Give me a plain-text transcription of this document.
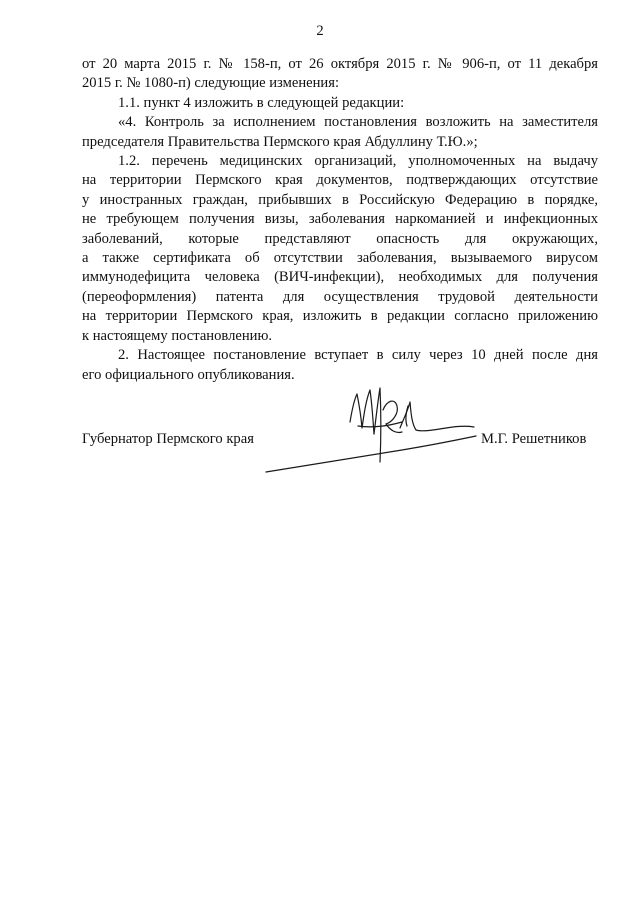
2
от 20 марта 2015 г. № 158-п, от 26 октября 2015 г. № 906-п, от 11 декабря
2015 г. № 1080-п) следующие изменения:
1.1. пункт 4 изложить в следующей редакции:
«4. Контроль за исполнением постановления возложить на заместителя
председателя Правительства Пермского края Абдуллину Т.Ю.»;
1.2. перечень медицинских организаций, уполномоченных на выдачу
на территории Пермского края документов, подтверждающих отсутствие
у иностранных граждан, прибывших в Российскую Федерацию в порядке,
не требующем получения визы, заболевания наркоманией и инфекционных
заболеваний, которые представляют опасность для окружающих,
а также сертификата об отсутствии заболевания, вызываемого вирусом
иммунодефицита человека (ВИЧ-инфекции), необходимых для получения
(переоформления) патента для осуществления трудовой деятельности
на территории Пермского края, изложить в редакции согласно приложению
к настоящему постановлению.
2. Настоящее постановление вступает в силу через 10 дней после дня
его официального опубликования.
Губернатор Пермского края	М.Г. Решетников
